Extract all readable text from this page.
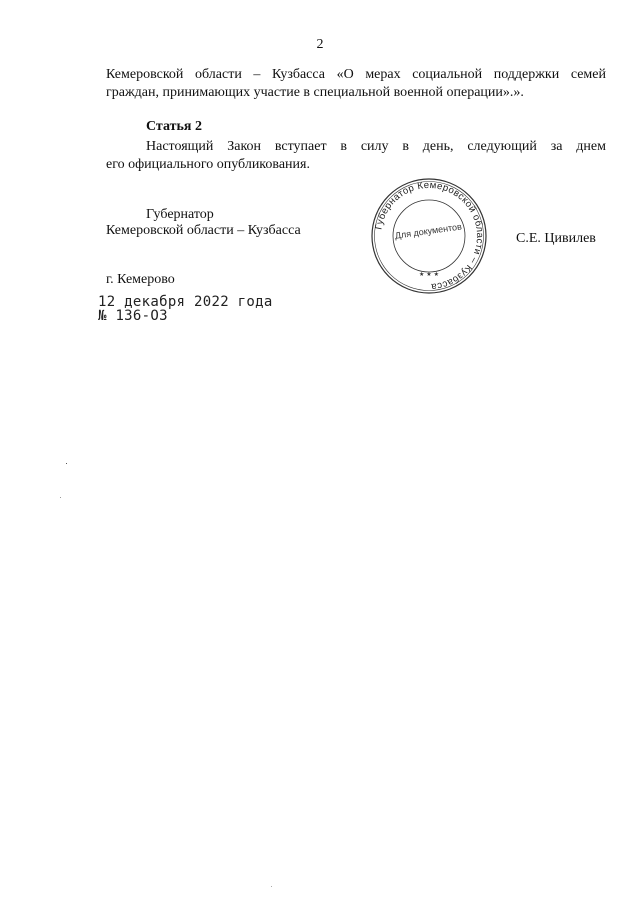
2
Кемеровской области – Кузбасса «О мерах социальной поддержки семей
граждан, принимающих участие в специальной военной операции».».
Статья 2
Настоящий Закон вступает в силу в день, следующий за днем
его официального опубликования.
Губернатор
Кемеровской области – Кузбасса	Губернатор Кемеровской области – Кузбасса
Для документов
★ ★ ★
С.Е. Цивилев
г. Кемерово
12 декабря 2022 года
№ 136-ОЗ
